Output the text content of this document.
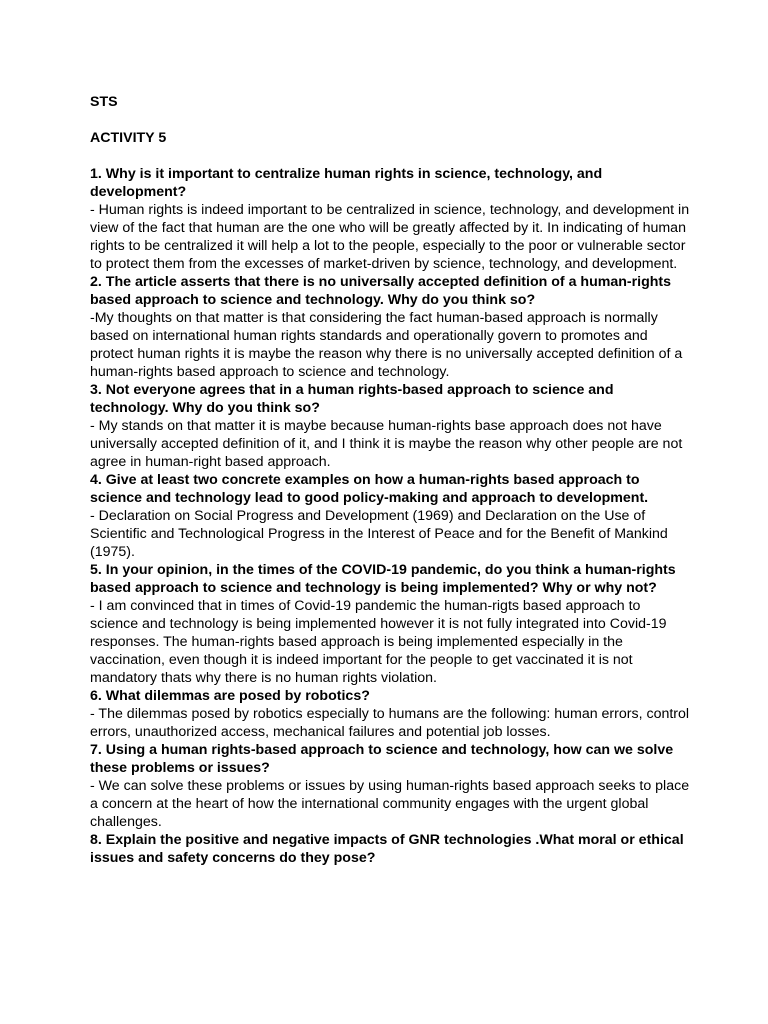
STS

ACTIVITY 5

1. Why is it important to centralize human rights in science, technology, and development?

- Human rights is indeed important to be centralized in science, technology, and development in view of the fact that human are the one who will be greatly affected by it. In indicating of human rights to be centralized it will help a lot to the people, especially to the poor or vulnerable sector to protect them from the excesses of market-driven by science, technology, and development.

2. The article asserts that there is no universally accepted definition of a human-rights based approach to science and technology. Why do you think so?

-My thoughts on that matter is that considering the fact human-based approach is normally based on international human rights standards and operationally govern to promotes and protect human rights it is maybe the reason why there is no universally accepted definition of a human-rights based approach to science and technology.

3. Not everyone agrees that in a human rights-based approach to science and technology. Why do you think so?

- My stands on that matter it is maybe because human-rights base approach does not have universally accepted definition of it, and I think it is maybe the reason why other people are not agree in human-right based approach.

4. Give at least two concrete examples on how a human-rights based approach to science and technology lead to good policy-making and approach to development.

- Declaration on Social Progress and Development (1969) and Declaration on the Use of Scientific and Technological Progress in the Interest of Peace and for the Benefit of Mankind (1975).

5. In your opinion, in the times of the COVID-19 pandemic, do you think a human-rights based approach to science and technology is being implemented? Why or why not?

- I am convinced that in times of Covid-19 pandemic the human-rigts based approach to science and technology is being implemented however it is not fully integrated into Covid-19 responses. The human-rights based approach is being implemented especially in the vaccination, even though it is indeed important for the people to get vaccinated it is not mandatory thats why there is no human rights violation.

6. What dilemmas are posed by robotics?

- The dilemmas posed by robotics especially to humans are the following: human errors, control errors, unauthorized access, mechanical failures and potential job losses.

7. Using a human rights-based approach to science and technology, how can we solve these problems or issues?

- We can solve these problems or issues by using human-rights based approach seeks to place a concern at the heart of how the international community engages with the urgent global challenges.

8. Explain the positive and negative impacts of GNR technologies .What moral or ethical issues and safety concerns do they pose?
